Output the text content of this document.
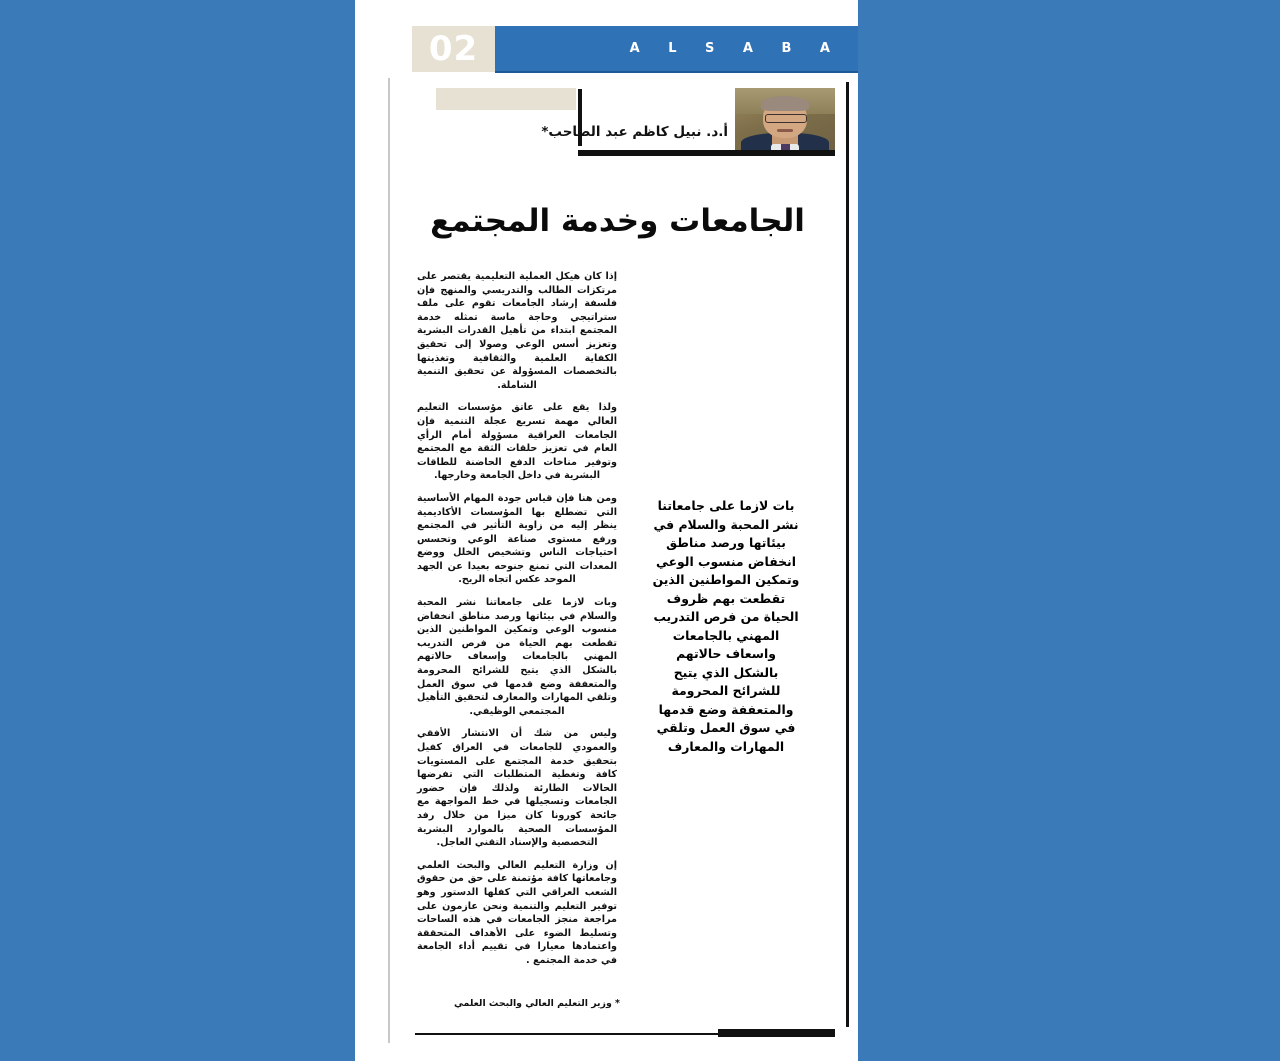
02	A L S A B A
أ.د. نبيل كاظم عبد الصاحب*
الجامعات وخدمة المجتمع

إذا كان هيكل العملية التعليمية يقتصر على مرتكزات الطالب والتدريسي والمنهج فإن فلسفة إرشاد الجامعات تقوم على ملف ستراتيجي وحاجة ماسة تمثله خدمة المجتمع ابتداء من تأهيل القدرات البشرية وتعزيز أسس الوعي وصولا إلى تحقيق الكفاية العلمية والثقافية وتغذيتها بالتخصصات المسؤولة عن تحقيق التنمية الشاملة.

ولذا يقع على عاتق مؤسسات التعليم العالي مهمة تسريع عجلة التنمية فإن الجامعات العراقية مسؤولة أمام الرأي العام في تعزيز حلقات الثقة مع المجتمع وتوفير مناخات الدفع الحاضنة للطاقات البشرية في داخل الجامعة وخارجها.

ومن هنا فإن قياس جودة المهام الأساسية التي تضطلع بها المؤسسات الأكاديمية ينظر إليه من زاوية التأثير في المجتمع ورفع مستوى صناعة الوعي وتحسس احتياجات الناس وتشخيص الخلل ووضع المعدات التي تمنع جنوحه بعيدا عن الجهد الموحد عكس اتجاه الريح.

وبات لازما على جامعاتنا نشر المحبة والسلام في بيئاتها ورصد مناطق انخفاض منسوب الوعي وتمكين المواطنين الذين تقطعت بهم الحياة من فرص التدريب المهني بالجامعات وإسعاف حالاتهم بالشكل الذي يتيح للشرائح المحرومة والمتعففة وضع قدمها في سوق العمل وتلقي المهارات والمعارف لتحقيق التأهيل المجتمعي الوظيفي.

وليس من شك أن الانتشار الأفقي والعمودي للجامعات في العراق كفيل بتحقيق خدمة المجتمع على المستويات كافة وتغطية المتطلبات التي تفرضها الحالات الطارئة ولذلك فإن حضور الجامعات وتسجيلها في خط المواجهة مع جائحة كورونا كان ميزا من خلال رفد المؤسسات الصحية بالموارد البشرية التخصصية والإسناد التقني العاجل.

إن وزارة التعليم العالي والبحث العلمي وجامعاتها كافة مؤتمنة على حق من حقوق الشعب العراقي التي كفلها الدستور وهو توفير التعليم والتنمية ونحن عازمون على مراجعة منجز الجامعات في هذه الساحات وتسليط الضوء على الأهداف المتحققة واعتمادها معيارا في تقييم أداء الجامعة في خدمة المجتمع .

بات لازما على جامعاتنا نشر المحبة والسلام في بيئاتها ورصد مناطق انخفاض منسوب الوعي وتمكين المواطنين الذين تقطعت بهم ظروف الحياة من فرص التدريب المهني بالجامعات واسعاف حالاتهم بالشكل الذي يتيح للشرائح المحرومة والمتعففة وضع قدمها في سوق العمل وتلقي المهارات والمعارف
* وزير التعليم العالي والبحث العلمي
